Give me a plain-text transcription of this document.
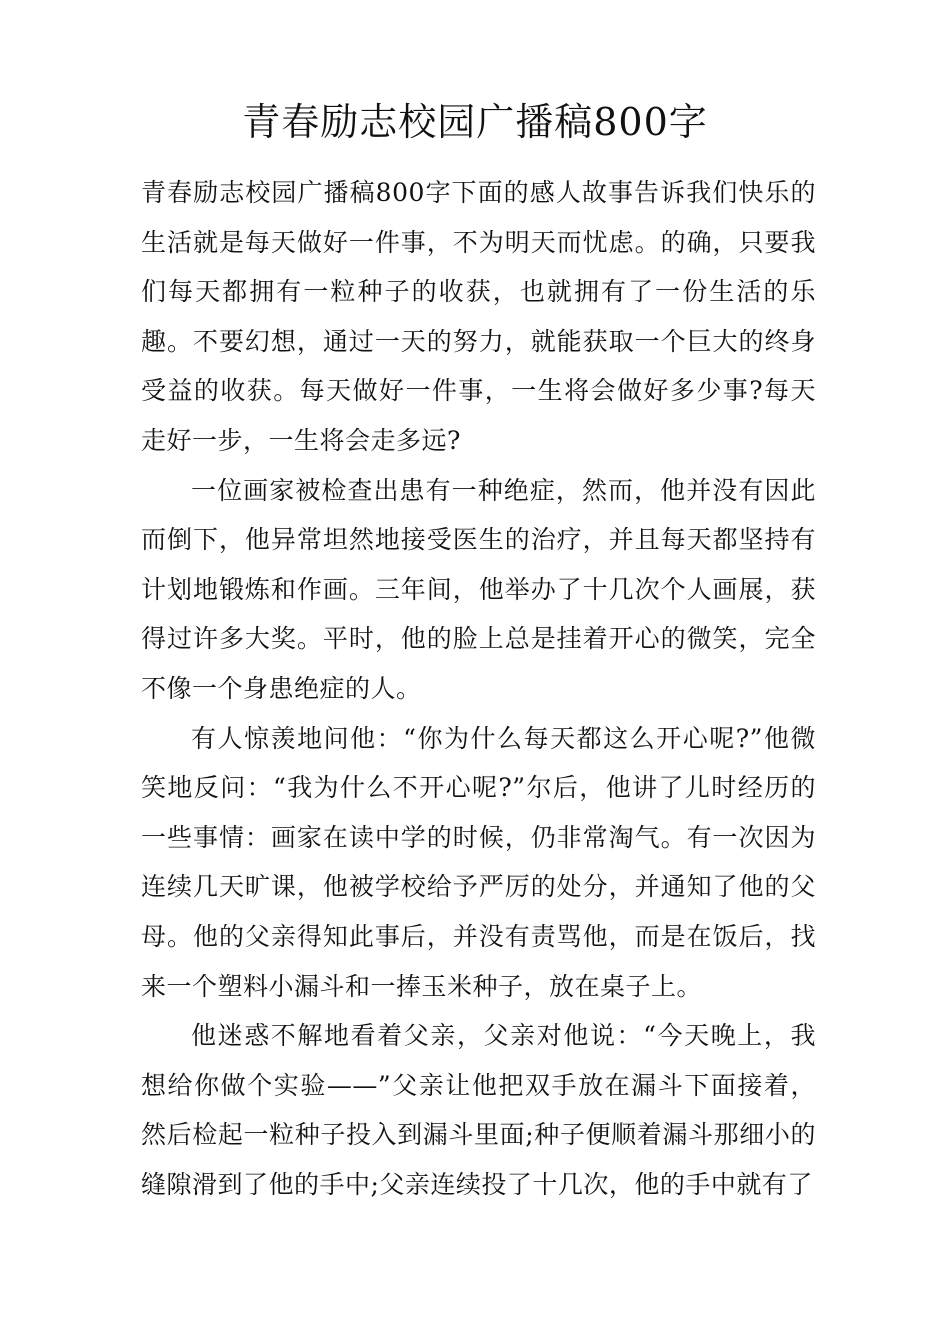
青春励志校园广播稿800字

青春励志校园广播稿800字下面的感人故事告诉我们快乐的生活就是每天做好一件事，不为明天而忧虑。的确，只要我们每天都拥有一粒种子的收获，也就拥有了一份生活的乐趣。不要幻想，通过一天的努力，就能获取一个巨大的终身受益的收获。每天做好一件事，一生将会做好多少事?每天走好一步，一生将会走多远?

一位画家被检查出患有一种绝症，然而，他并没有因此而倒下，他异常坦然地接受医生的治疗，并且每天都坚持有计划地锻炼和作画。三年间，他举办了十几次个人画展，获得过许多大奖。平时，他的脸上总是挂着开心的微笑，完全不像一个身患绝症的人。

有人惊羡地问他：“你为什么每天都这么开心呢?”他微笑地反问：“我为什么不开心呢?”尔后，他讲了儿时经历的一些事情：画家在读中学的时候，仍非常淘气。有一次因为连续几天旷课，他被学校给予严厉的处分，并通知了他的父母。他的父亲得知此事后，并没有责骂他，而是在饭后，找来一个塑料小漏斗和一捧玉米种子，放在桌子上。

他迷惑不解地看着父亲，父亲对他说：“今天晚上，我想给你做个实验——”父亲让他把双手放在漏斗下面接着，然后检起一粒种子投入到漏斗里面;种子便顺着漏斗那细小的缝隙滑到了他的手中;父亲连续投了十几次，他的手中就有了
